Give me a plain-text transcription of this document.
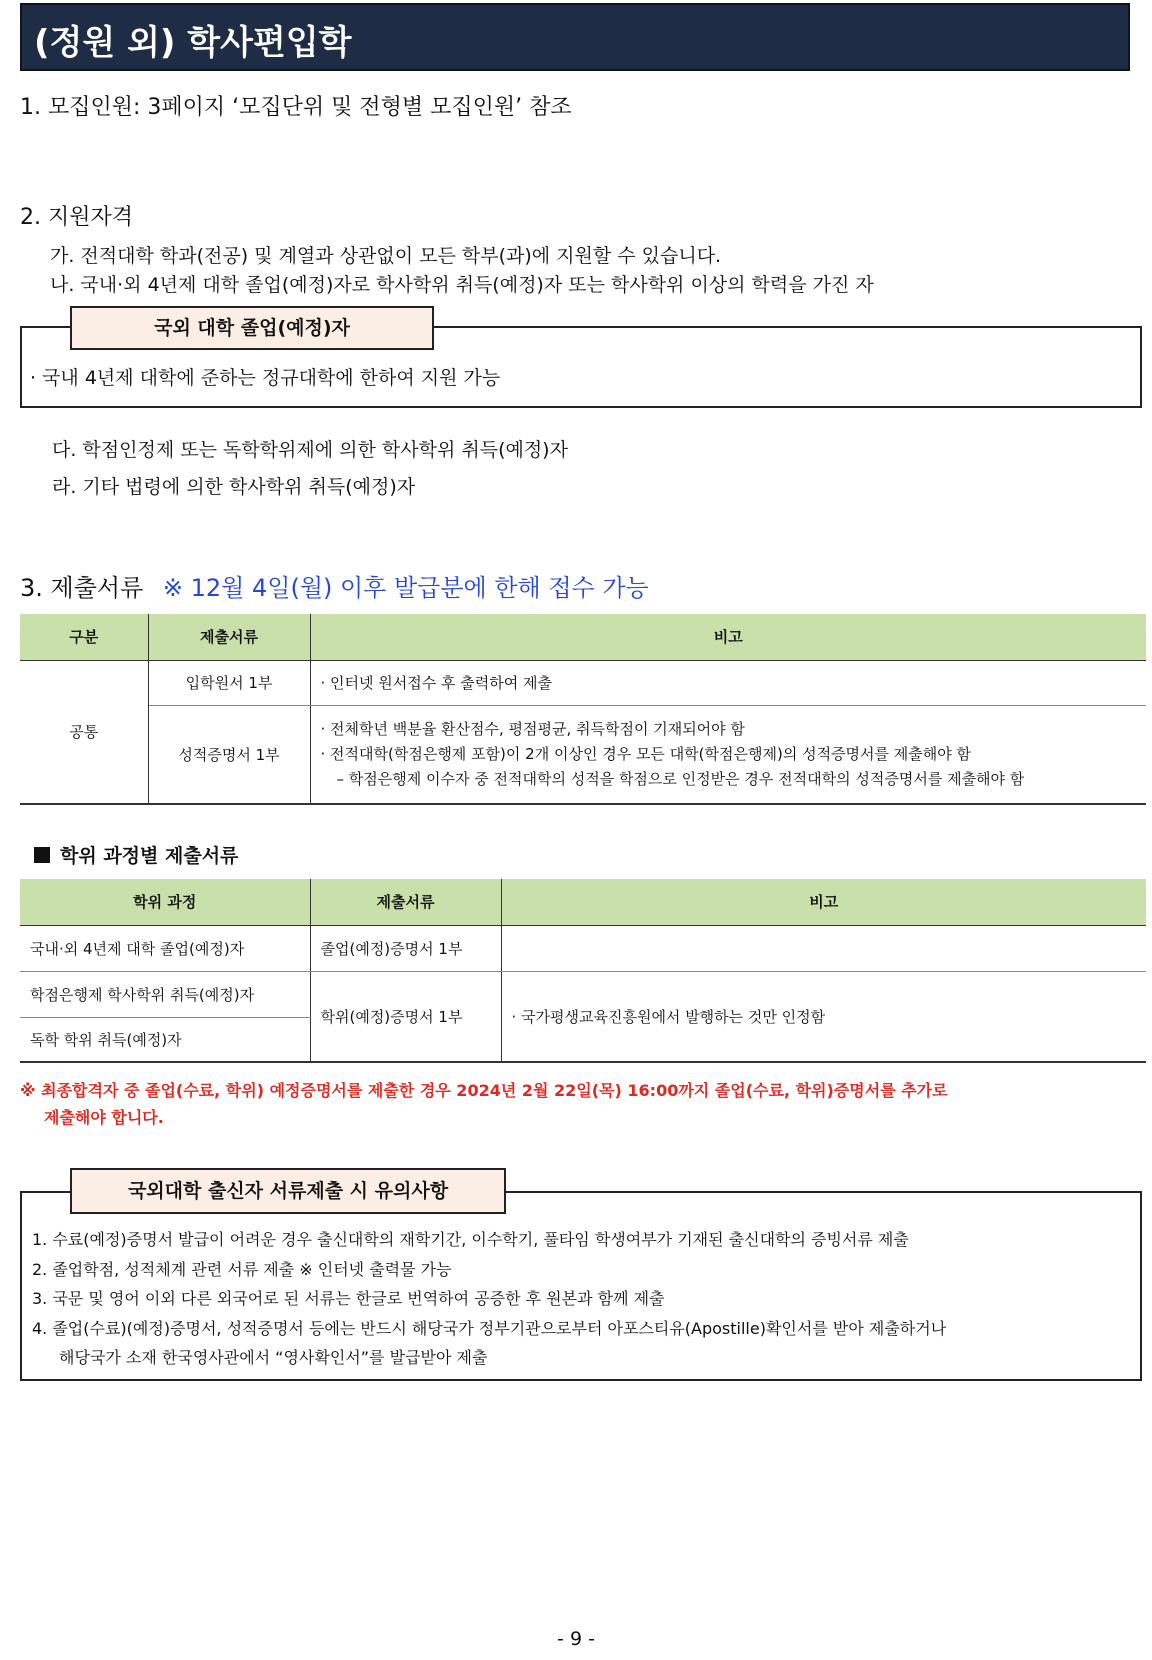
(정원 외) 학사편입학
1. 모집인원: 3페이지 ‘모집단위 및 전형별 모집인원’ 참조
2. 지원자격
가. 전적대학 학과(전공) 및 계열과 상관없이 모든 학부(과)에 지원할 수 있습니다.
나. 국내·외 4년제 대학 졸업(예정)자로 학사학위 취득(예정)자 또는 학사학위 이상의 학력을 가진 자
· 국내 4년제 대학에 준하는 정규대학에 한하여 지원 가능
국외 대학 졸업(예정)자
다. 학점인정제 또는 독학학위제에 의한 학사학위 취득(예정)자
라. 기타 법령에 의한 학사학위 취득(예정)자
3. 제출서류 ※ 12월 4일(월) 이후 발급분에 한해 접수 가능
구분	제출서류	비고
공통	입학원서 1부	· 인터넷 원서접수 후 출력하여 제출
	성적증명서 1부	· 전체학년 백분율 환산점수, 평점평균, 취득학점이 기재되어야 함
· 전적대학(학점은행제 포함)이 2개 이상인 경우 모든 대학(학점은행제)의 성적증명서를 제출해야 함
– 학점은행제 이수자 중 전적대학의 성적을 학점으로 인정받은 경우 전적대학의 성적증명서를 제출해야 함
학위 과정별 제출서류
학위 과정	제출서류	비고
국내·외 4년제 대학 졸업(예정)자	졸업(예정)증명서 1부	
학점은행제 학사학위 취득(예정)자	학위(예정)증명서 1부	· 국가평생교육진흥원에서 발행하는 것만 인정함
독학 학위 취득(예정)자		
※ 최종합격자 중 졸업(수료, 학위) 예정증명서를 제출한 경우 2024년 2월 22일(목) 16:00까지 졸업(수료, 학위)증명서를 추가로
제출해야 합니다.
1. 수료(예정)증명서 발급이 어려운 경우 출신대학의 재학기간, 이수학기, 풀타임 학생여부가 기재된 출신대학의 증빙서류 제출
2. 졸업학점, 성적체계 관련 서류 제출 ※ 인터넷 출력물 가능
3. 국문 및 영어 이외 다른 외국어로 된 서류는 한글로 번역하여 공증한 후 원본과 함께 제출
4. 졸업(수료)(예정)증명서, 성적증명서 등에는 반드시 해당국가 정부기관으로부터 아포스티유(Apostille)확인서를 받아 제출하거나
해당국가 소재 한국영사관에서 “영사확인서”를 발급받아 제출
국외대학 출신자 서류제출 시 유의사항
- 9 -
